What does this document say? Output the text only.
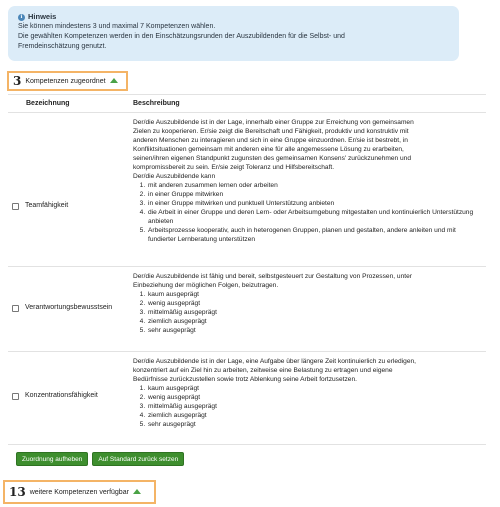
i Hinweis
Sie können mindestens 3 und maximal 7 Kompetenzen wählen.
Die gewählten Kompetenzen werden in den Einschätzungsrunden der Auszubildenden für die Selbst- und
Fremdeinschätzung genutzt.
3 Kompetenzen zugeordnet
Bezeichnung	Beschreibung
Teamfähigkeit
Der/die Auszubildende ist in der Lage, innerhalb einer Gruppe zur Erreichung von gemeinsamen
Zielen zu kooperieren. Er/sie zeigt die Bereitschaft und Fähigkeit, produktiv und konstruktiv mit
anderen Menschen zu interagieren und sich in eine Gruppe einzuordnen. Er/sie ist bestrebt, in
Konfliktsituationen gemeinsam mit anderen eine für alle angemessene Lösung zu erarbeiten,
seinen/ihren eigenen Standpunkt zugunsten des gemeinsamen Konsens' zurückzunehmen und
kompromissbereit zu sein. Er/sie zeigt Toleranz und Hilfsbereitschaft.
Der/die Auszubildende kann
1. mit anderen zusammen lernen oder arbeiten
2. in einer Gruppe mitwirken
3. in einer Gruppe mitwirken und punktuell Unterstützung anbieten
4. die Arbeit in einer Gruppe und deren Lern- oder Arbeitsumgebung mitgestalten und kontinuierlich Unterstützung anbieten
5. Arbeitsprozesse kooperativ, auch in heterogenen Gruppen, planen und gestalten, andere anleiten und mit fundierter Lernberatung unterstützen
Verantwortungsbewusstsein
Der/die Auszubildende ist fähig und bereit, selbstgesteuert zur Gestaltung von Prozessen, unter
Einbeziehung der möglichen Folgen, beizutragen.
1. kaum ausgeprägt
2. wenig ausgeprägt
3. mittelmäßig ausgeprägt
4. ziemlich ausgeprägt
5. sehr ausgeprägt
Konzentrationsfähigkeit
Der/die Auszubildende ist in der Lage, eine Aufgabe über längere Zeit kontinuierlich zu erledigen,
konzentriert auf ein Ziel hin zu arbeiten, zeitweise eine Belastung zu ertragen und eigene
Bedürfnisse zurückzustellen sowie trotz Ablenkung seine Arbeit fortzusetzen.
1. kaum ausgeprägt
2. wenig ausgeprägt
3. mittelmäßig ausgeprägt
4. ziemlich ausgeprägt
5. sehr ausgeprägt
Zuordnung aufheben	Auf Standard zurück setzen
13 weitere Kompetenzen verfügbar
